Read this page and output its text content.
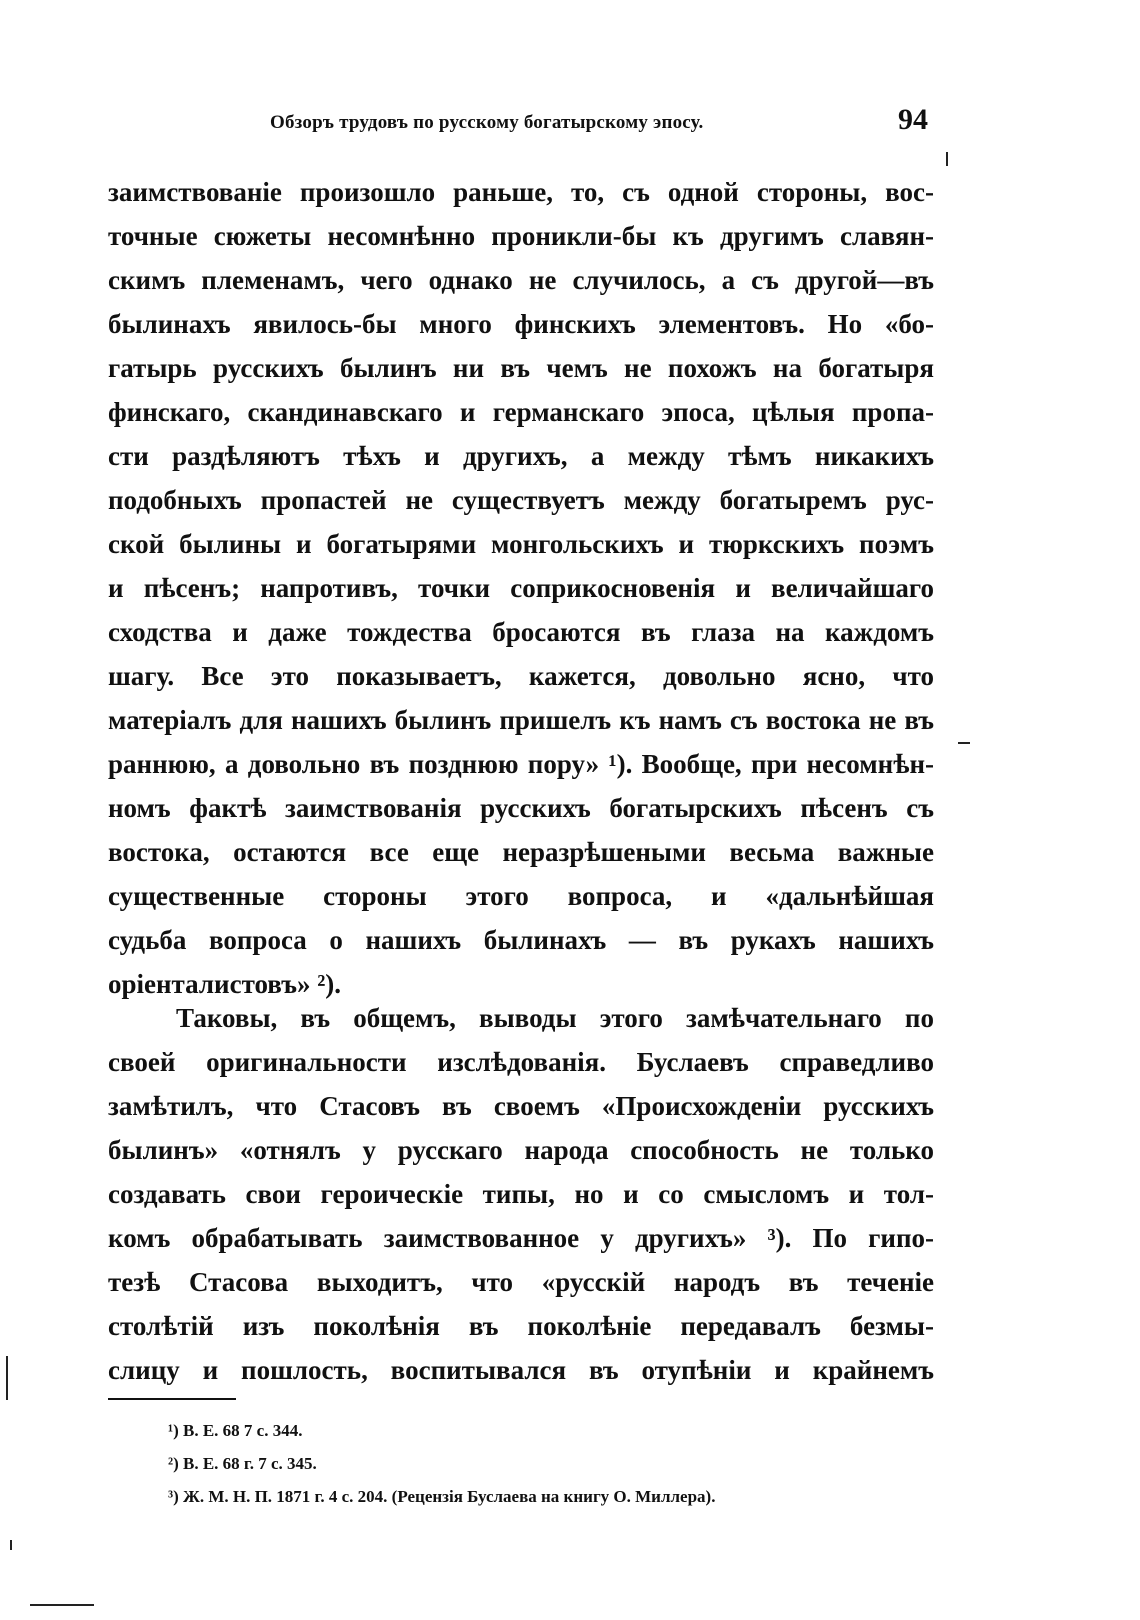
Обзоръ трудовъ по русскому богатырскому эпосу.	94
заимствованіе произошло раньше, то, съ одной стороны, вос-
точные сюжеты несомнѣнно проникли-бы къ другимъ славян-
скимъ племенамъ, чего однако не случилось, а съ другой—въ
былинахъ явилось-бы много финскихъ элементовъ. Но «бо-
гатырь русскихъ былинъ ни въ чемъ не похожъ на богатыря
финскаго, скандинавскаго и германскаго эпоса, цѣлыя пропа-
сти раздѣляютъ тѣхъ и другихъ, а между тѣмъ никакихъ
подобныхъ пропастей не существуетъ между богатыремъ рус-
ской былины и богатырями монгольскихъ и тюркскихъ поэмъ
и пѣсенъ; напротивъ, точки соприкосновенія и величайшаго
сходства и даже тождества бросаются въ глаза на каждомъ
шагу. Все это показываетъ, кажется, довольно ясно, что
матеріалъ для нашихъ былинъ пришелъ къ намъ съ востока не въ
раннюю, а довольно въ позднюю пору» ¹). Вообще, при несомнѣн-
номъ фактѣ заимствованія русскихъ богатырскихъ пѣсенъ съ
востока, остаются все еще неразрѣшеными весьма важные
существенные стороны этого вопроса, и «дальнѣйшая
судьба вопроса о нашихъ былинахъ — въ рукахъ нашихъ
оріенталистовъ» ²).
Таковы, въ общемъ, выводы этого замѣчательнаго по
своей оригинальности изслѣдованія. Буслаевъ справедливо
замѣтилъ, что Стасовъ въ своемъ «Происхожденіи русскихъ
былинъ» «отнялъ у русскаго народа способность не только
создавать свои героическіе типы, но и со смысломъ и тол-
комъ обрабатывать заимствованное у другихъ» ³). По гипо-
тезѣ Стасова выходитъ, что «русскій народъ въ теченіе
столѣтій изъ поколѣнія въ поколѣніе передавалъ безмы-
слицу и пошлость, воспитывался въ отупѣніи и крайнемъ
¹) В. Е. 68 7 с. 344.
²) В. Е. 68 г. 7 с. 345.
³) Ж. М. Н. П. 1871 г. 4 с. 204. (Рецензія Буслаева на книгу О. Миллера).
